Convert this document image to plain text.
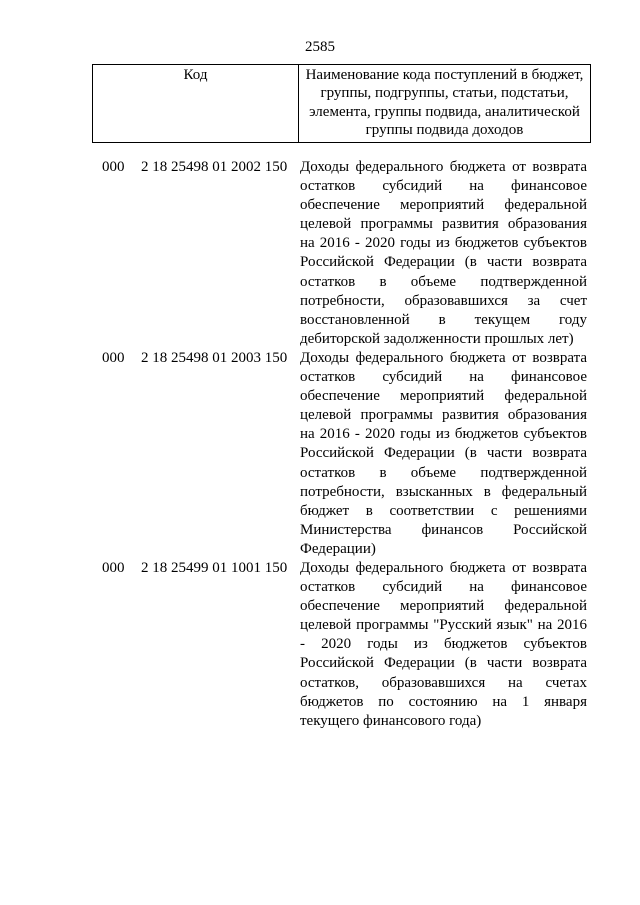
2585
Код	Наименование кода поступлений в бюджет, группы, подгруппы, статьи, подстатьи, элемента, группы подвида, аналитической группы подвида доходов
000 2 18 25498 01 2002 150 Доходы федерального бюджета от возврата остатков субсидий на финансовое обеспечение мероприятий федеральной целевой программы развития образования на 2016 - 2020 годы из бюджетов субъектов Российской Федерации (в части возврата остатков в объеме подтвержденной потребности, образовавшихся за счет восстановленной в текущем году дебиторской задолженности прошлых лет)
000 2 18 25498 01 2003 150 Доходы федерального бюджета от возврата остатков субсидий на финансовое обеспечение мероприятий федеральной целевой программы развития образования на 2016 - 2020 годы из бюджетов субъектов Российской Федерации (в части возврата остатков в объеме подтвержденной потребности, взысканных в федеральный бюджет в соответствии с решениями Министерства финансов Российской Федерации)
000 2 18 25499 01 1001 150 Доходы федерального бюджета от возврата остатков субсидий на финансовое обеспечение мероприятий федеральной целевой программы "Русский язык" на 2016 - 2020 годы из бюджетов субъектов Российской Федерации (в части возврата остатков, образовавшихся на счетах бюджетов по состоянию на 1 января текущего финансового года)
